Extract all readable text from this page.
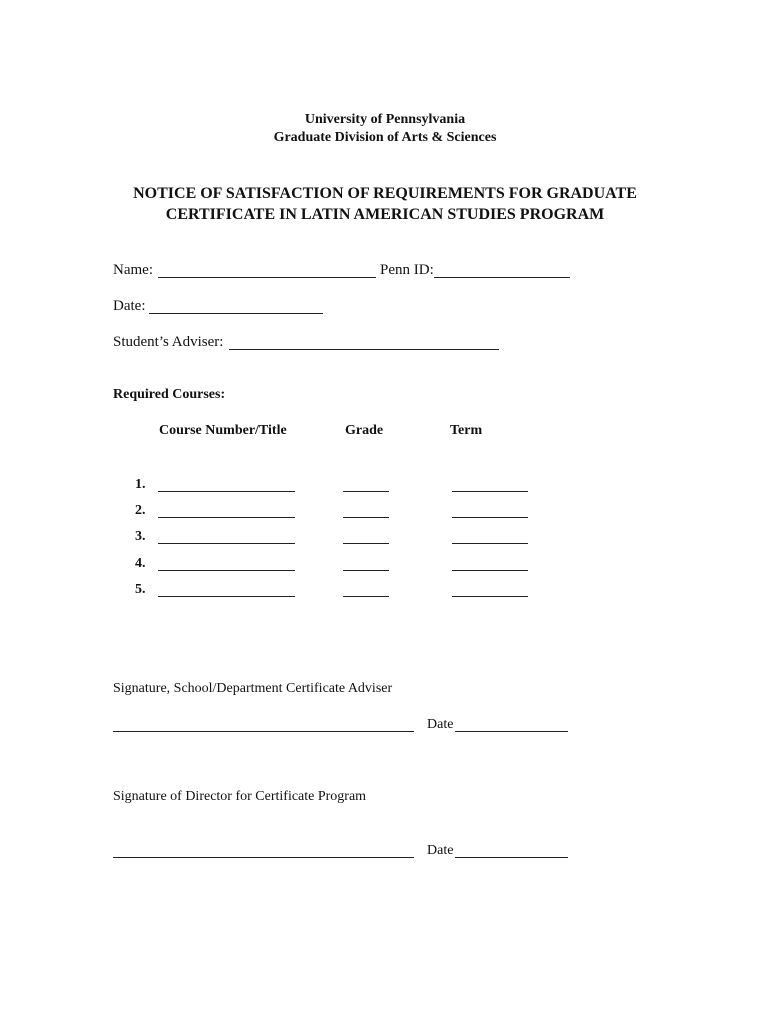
University of Pennsylvania
Graduate Division of Arts & Sciences
NOTICE OF SATISFACTION OF REQUIREMENTS FOR GRADUATE
CERTIFICATE IN LATIN AMERICAN STUDIES PROGRAM
Name:	Penn ID:
Date:
Student’s Adviser:
Required Courses:
Course Number/Title	Grade	Term
1.
2.
3.
4.
5.
Signature, School/Department Certificate Adviser
Date
Signature of Director for Certificate Program
Date
